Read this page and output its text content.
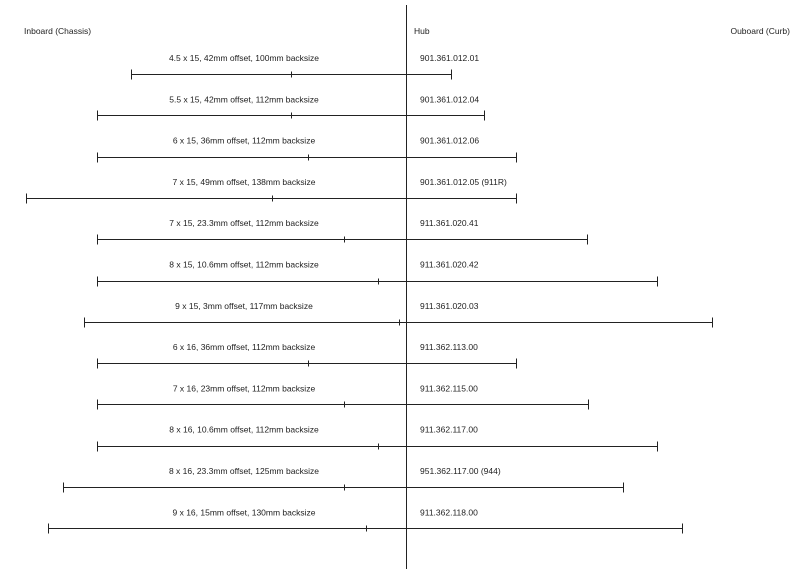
Inboard (Chassis)	Hub	Ouboard (Curb)
4.5 x 15, 42mm offset, 100mm backsize	901.361.012.01
5.5 x 15, 42mm offset, 112mm backsize	901.361.012.04
6 x 15, 36mm offset, 112mm backsize	901.361.012.06
7 x 15, 49mm offset, 138mm backsize	901.361.012.05 (911R)
7 x 15, 23.3mm offset, 112mm backsize	911.361.020.41
8 x 15, 10.6mm offset, 112mm backsize	911.361.020.42
9 x 15, 3mm offset, 117mm backsize	911.361.020.03
6 x 16, 36mm offset, 112mm backsize	911.362.113.00
7 x 16, 23mm offset, 112mm backsize	911.362.115.00
8 x 16, 10.6mm offset, 112mm backsize	911.362.117.00
8 x 16, 23.3mm offset, 125mm backsize	951.362.117.00 (944)
9 x 16, 15mm offset, 130mm backsize	911.362.118.00
